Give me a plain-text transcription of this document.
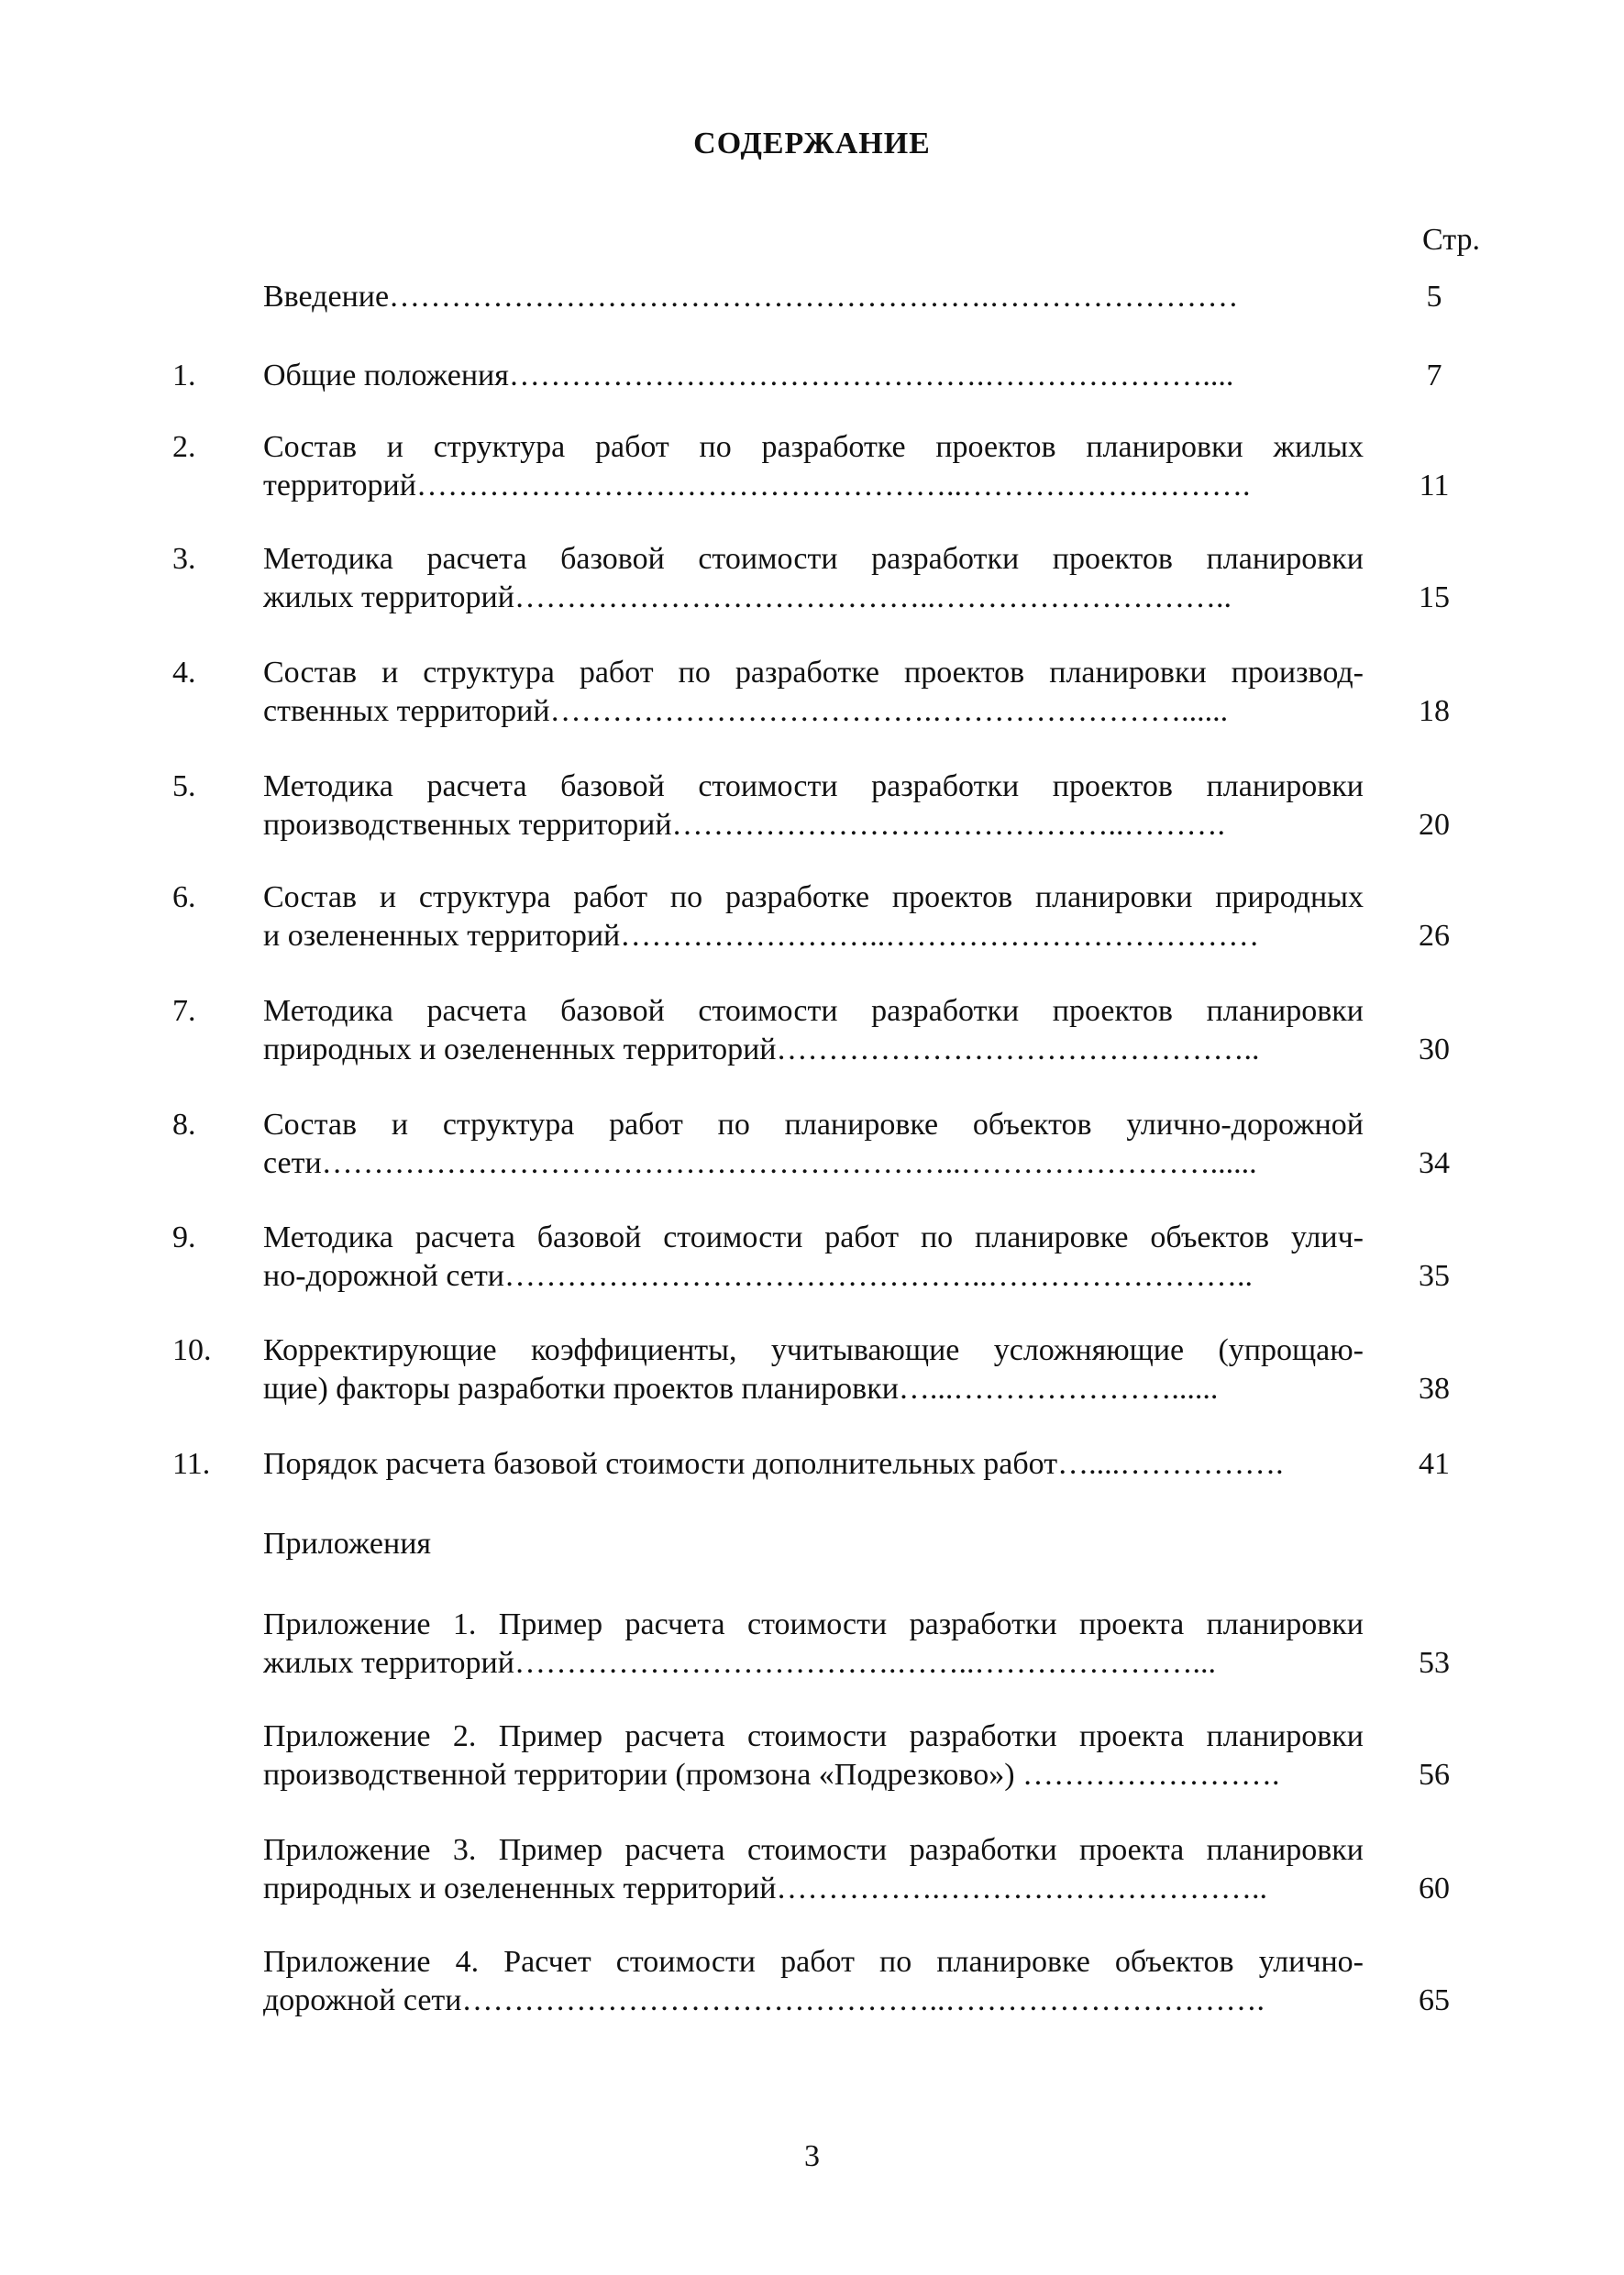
СОДЕРЖАНИЕ
Стр.
Введение………………………………………………….……………………	5
1. Общие положения……………………………………….…………………....	7
2. Состав и структура работ по разработке проектов планировки жилых
территорий……………………………………………..……………………….	11
3. Методика расчета базовой стоимости разработки проектов планировки
жилых территорий…………………………………..………………………..	15
4. Состав и структура работ по разработке проектов планировки производ-
ственных территорий……………………………….……………………......	18
5. Методика расчета базовой стоимости разработки проектов планировки
производственных территорий……………………………………..……….	20
6. Состав и структура работ по разработке проектов планировки природных
и озелененных территорий……………………..………………………………	26
7. Методика расчета базовой стоимости разработки проектов планировки
природных и озелененных территорий………………………………………..	30
8. Состав и структура работ по планировке объектов улично-дорожной
сети……………………………………………………..……………………......	34
9. Методика расчета базовой стоимости работ по планировке объектов улич-
но-дорожной сети………………………………………..……………………..	35
10. Корректирующие коэффициенты, учитывающие усложняющие (упрощаю-
щие) факторы разработки проектов планировки…...…………………......	38
11. Порядок расчета базовой стоимости дополнительных работ…....…………….	41
Приложения
Приложение 1. Пример расчета стоимости разработки проекта планировки
жилых территорий……………………………….……..…………………...	53
Приложение 2. Пример расчета стоимости разработки проекта планировки
производственной территории (промзона «Подрезково») …………………….	56
Приложение 3. Пример расчета стоимости разработки проекта планировки
природных и озелененных территорий…………….…………………………..	60
Приложение 4. Расчет стоимости работ по планировке объектов улично-
дорожной сети………………………………………..………………………….	65
3
